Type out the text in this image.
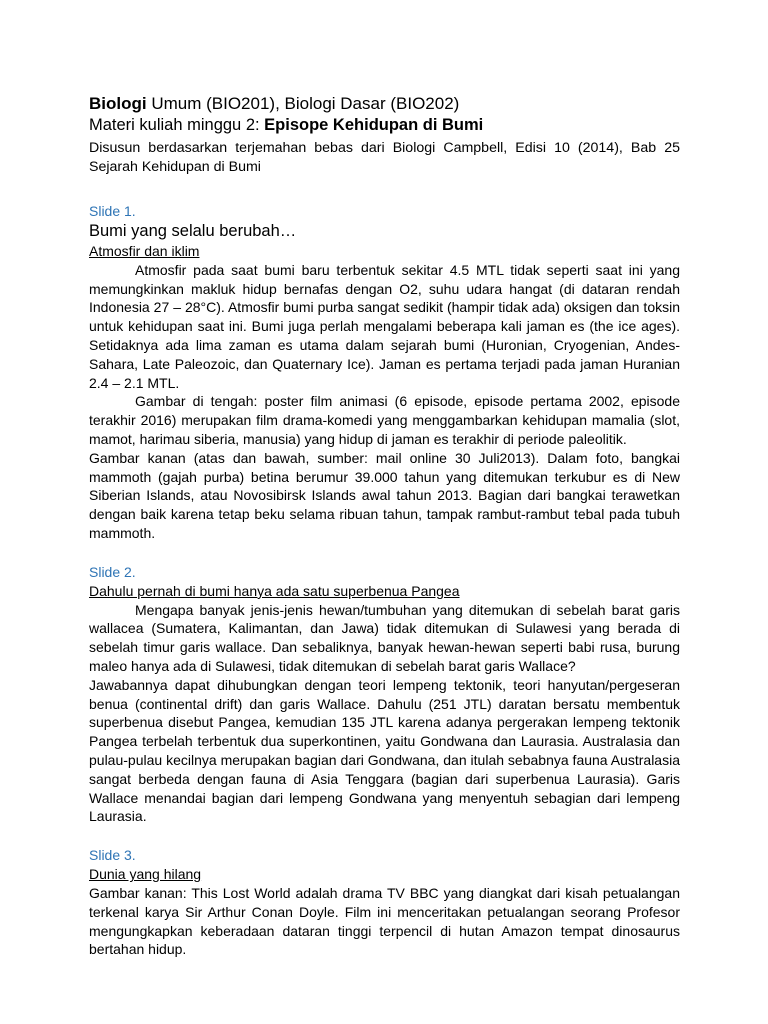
Biologi Umum (BIO201), Biologi Dasar (BIO202)
Materi kuliah minggu 2: Episope Kehidupan di Bumi

Disusun berdasarkan terjemahan bebas dari Biologi Campbell, Edisi 10 (2014), Bab 25 Sejarah Kehidupan di Bumi

Slide 1.
Bumi yang selalu berubah…
Atmosfir dan iklim

Atmosfir pada saat bumi baru terbentuk sekitar 4.5 MTL tidak seperti saat ini yang memungkinkan makluk hidup bernafas dengan O2, suhu udara hangat (di dataran rendah Indonesia 27 – 28°C). Atmosfir bumi purba sangat sedikit (hampir tidak ada) oksigen dan toksin untuk kehidupan saat ini. Bumi juga perlah mengalami beberapa kali jaman es (the ice ages). Setidaknya ada lima zaman es utama dalam sejarah bumi (Huronian, Cryogenian, Andes-Sahara, Late Paleozoic, dan Quaternary Ice). Jaman es pertama terjadi pada jaman Huranian 2.4 – 2.1 MTL.

Gambar di tengah: poster film animasi (6 episode, episode pertama 2002, episode terakhir 2016) merupakan film drama-komedi yang menggambarkan kehidupan mamalia (slot, mamot, harimau siberia, manusia) yang hidup di jaman es terakhir di periode paleolitik.

Gambar kanan (atas dan bawah, sumber: mail online 30 Juli2013). Dalam foto, bangkai mammoth (gajah purba) betina berumur 39.000 tahun yang ditemukan terkubur es di New Siberian Islands, atau Novosibirsk Islands awal tahun 2013. Bagian dari bangkai terawetkan dengan baik karena tetap beku selama ribuan tahun, tampak rambut-rambut tebal pada tubuh mammoth.

Slide 2.
Dahulu pernah di bumi hanya ada satu superbenua Pangea

Mengapa banyak jenis-jenis hewan/tumbuhan yang ditemukan di sebelah barat garis wallacea (Sumatera, Kalimantan, dan Jawa) tidak ditemukan di Sulawesi yang berada di sebelah timur garis wallace. Dan sebaliknya, banyak hewan-hewan seperti babi rusa, burung maleo hanya ada di Sulawesi, tidak ditemukan di sebelah barat garis Wallace?

Jawabannya dapat dihubungkan dengan teori lempeng tektonik, teori hanyutan/pergeseran benua (continental drift) dan garis Wallace. Dahulu (251 JTL) daratan bersatu membentuk superbenua disebut Pangea, kemudian 135 JTL karena adanya pergerakan lempeng tektonik Pangea terbelah terbentuk dua superkontinen, yaitu Gondwana dan Laurasia. Australasia dan pulau-pulau kecilnya merupakan bagian dari Gondwana, dan itulah sebabnya fauna Australasia sangat berbeda dengan fauna di Asia Tenggara (bagian dari superbenua Laurasia). Garis Wallace menandai bagian dari lempeng Gondwana yang menyentuh sebagian dari lempeng Laurasia.

Slide 3.
Dunia yang hilang

Gambar kanan: This Lost World adalah drama TV BBC yang diangkat dari kisah petualangan terkenal karya Sir Arthur Conan Doyle. Film ini menceritakan petualangan seorang Profesor mengungkapkan keberadaan dataran tinggi terpencil di hutan Amazon tempat dinosaurus bertahan hidup.
